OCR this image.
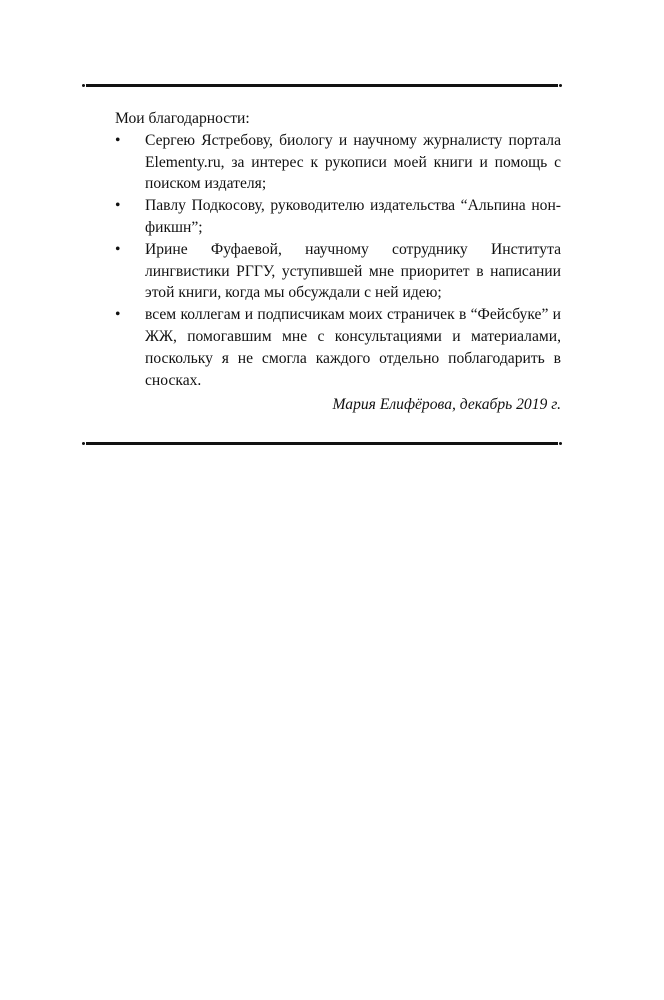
Мои благодарности:

• Сергею Ястребову, биологу и научному журналисту портала Elementy.ru, за интерес к рукописи моей книги и помощь с поиском издателя;
• Павлу Подкосову, руководителю издательства “Альпина нон-фикшн”;
• Ирине Фуфаевой, научному сотруднику Института лингвистики РГГУ, уступившей мне приоритет в написании этой книги, когда мы обсуждали с ней идею;
• всем коллегам и подписчикам моих страничек в “Фейсбуке” и ЖЖ, помогавшим мне с консультациями и материалами, поскольку я не смогла каждого отдельно поблагодарить в сносках.

Мария Елифёрова, декабрь 2019 г.
